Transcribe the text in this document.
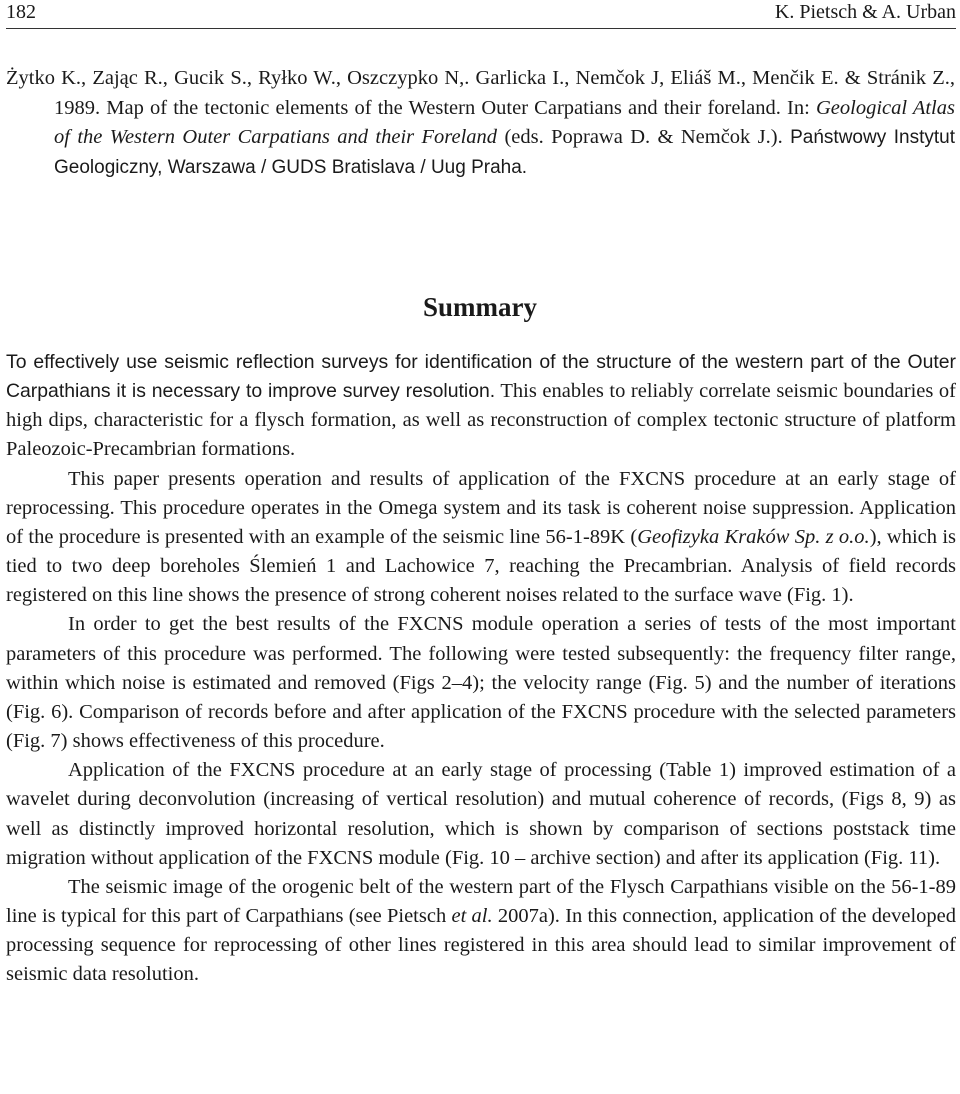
182	K. Pietsch & A. Urban

Żytko K., Zając R., Gucik S., Ryłko W., Oszczypko N,. Garlicka I., Nemčok J, Eliáš M., Menčik E. & Stránik Z., 1989. Map of the tectonic elements of the Western Outer Carpatians and their foreland. In: Geological Atlas of the Western Outer Carpatians and their Foreland (eds. Poprawa D. & Nemčok J.). Państwowy Instytut Geologiczny, Warszawa / GUDS Bratislava / Uug Praha.

Summary

To effectively use seismic reflection surveys for identification of the structure of the western part of the Outer Carpathians it is necessary to improve survey resolution. This enables to reliably correlate seismic boundaries of high dips, characteristic for a flysch formation, as well as reconstruction of complex tectonic structure of platform Paleozoic-Precambrian formations.

This paper presents operation and results of application of the FXCNS procedure at an early stage of reprocessing. This procedure operates in the Omega system and its task is coherent noise suppression. Application of the procedure is presented with an example of the seismic line 56-1-89K (Geofizyka Kraków Sp. z o.o.), which is tied to two deep boreholes Ślemień 1 and Lachowice 7, reaching the Precambrian. Analysis of field records registered on this line shows the presence of strong coherent noises related to the surface wave (Fig. 1).

In order to get the best results of the FXCNS module operation a series of tests of the most important parameters of this procedure was performed. The following were tested subsequently: the frequency filter range, within which noise is estimated and removed (Figs 2–4); the velocity range (Fig. 5) and the number of iterations (Fig. 6). Comparison of records before and after application of the FXCNS procedure with the selected parameters (Fig. 7) shows effectiveness of this procedure.

Application of the FXCNS procedure at an early stage of processing (Table 1) improved estimation of a wavelet during deconvolution (increasing of vertical resolution) and mutual coherence of records, (Figs 8, 9) as well as distinctly improved horizontal resolution, which is shown by comparison of sections poststack time migration without application of the FXCNS module (Fig. 10 – archive section) and after its application (Fig. 11).

The seismic image of the orogenic belt of the western part of the Flysch Carpathians visible on the 56-1-89 line is typical for this part of Carpathians (see Pietsch et al. 2007a). In this connection, application of the developed processing sequence for reprocessing of other lines registered in this area should lead to similar improvement of seismic data resolution.
